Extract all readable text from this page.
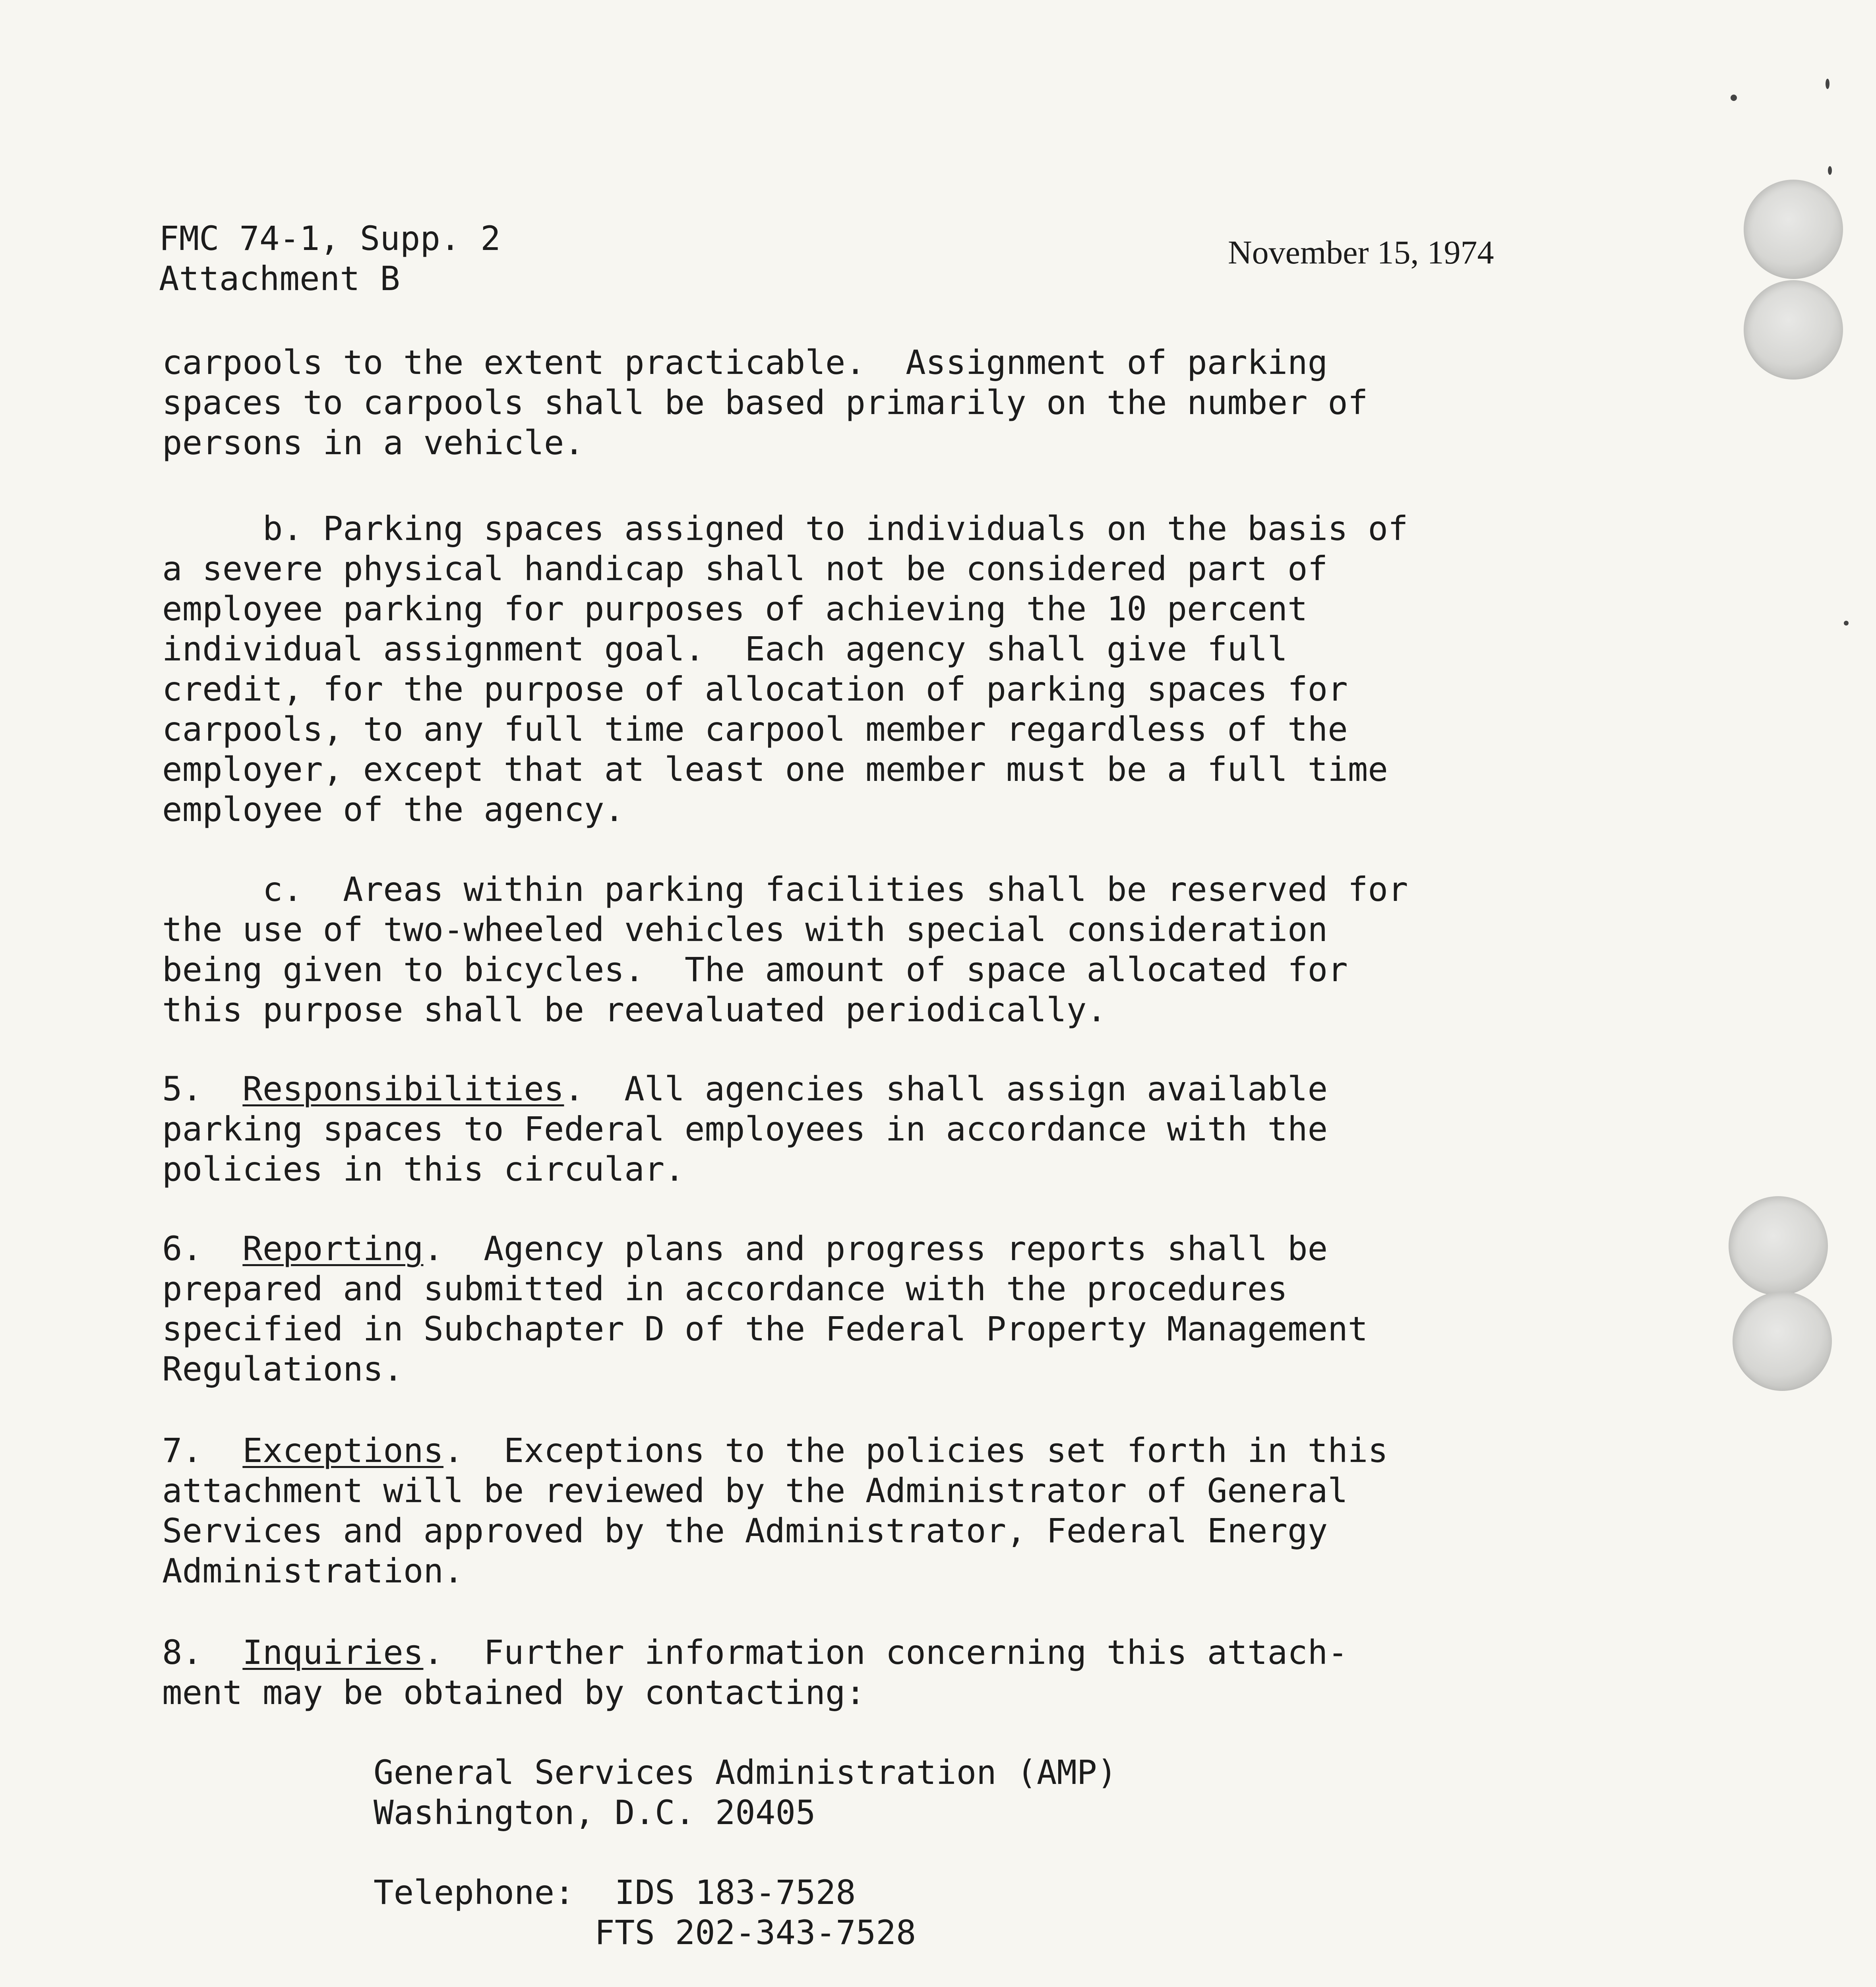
FMC 74-1, Supp. 2
Attachment B
November 15, 1974
carpools to the extent practicable.  Assignment of parking
spaces to carpools shall be based primarily on the number of
persons in a vehicle.
b. Parking spaces assigned to individuals on the basis of
a severe physical handicap shall not be considered part of
employee parking for purposes of achieving the 10 percent
individual assignment goal.  Each agency shall give full
credit, for the purpose of allocation of parking spaces for
carpools, to any full time carpool member regardless of the
employer, except that at least one member must be a full time
employee of the agency.
c.  Areas within parking facilities shall be reserved for
the use of two-wheeled vehicles with special consideration
being given to bicycles.  The amount of space allocated for
this purpose shall be reevaluated periodically.
5.  Responsibilities.  All agencies shall assign available
parking spaces to Federal employees in accordance with the
policies in this circular.
6.  Reporting.  Agency plans and progress reports shall be
prepared and submitted in accordance with the procedures
specified in Subchapter D of the Federal Property Management
Regulations.
7.  Exceptions.  Exceptions to the policies set forth in this
attachment will be reviewed by the Administrator of General
Services and approved by the Administrator, Federal Energy
Administration.
8.  Inquiries.  Further information concerning this attach-
ment may be obtained by contacting:
General Services Administration (AMP)
Washington, D.C. 20405
Telephone: IDS 183-7528
FTS 202-343-7528
